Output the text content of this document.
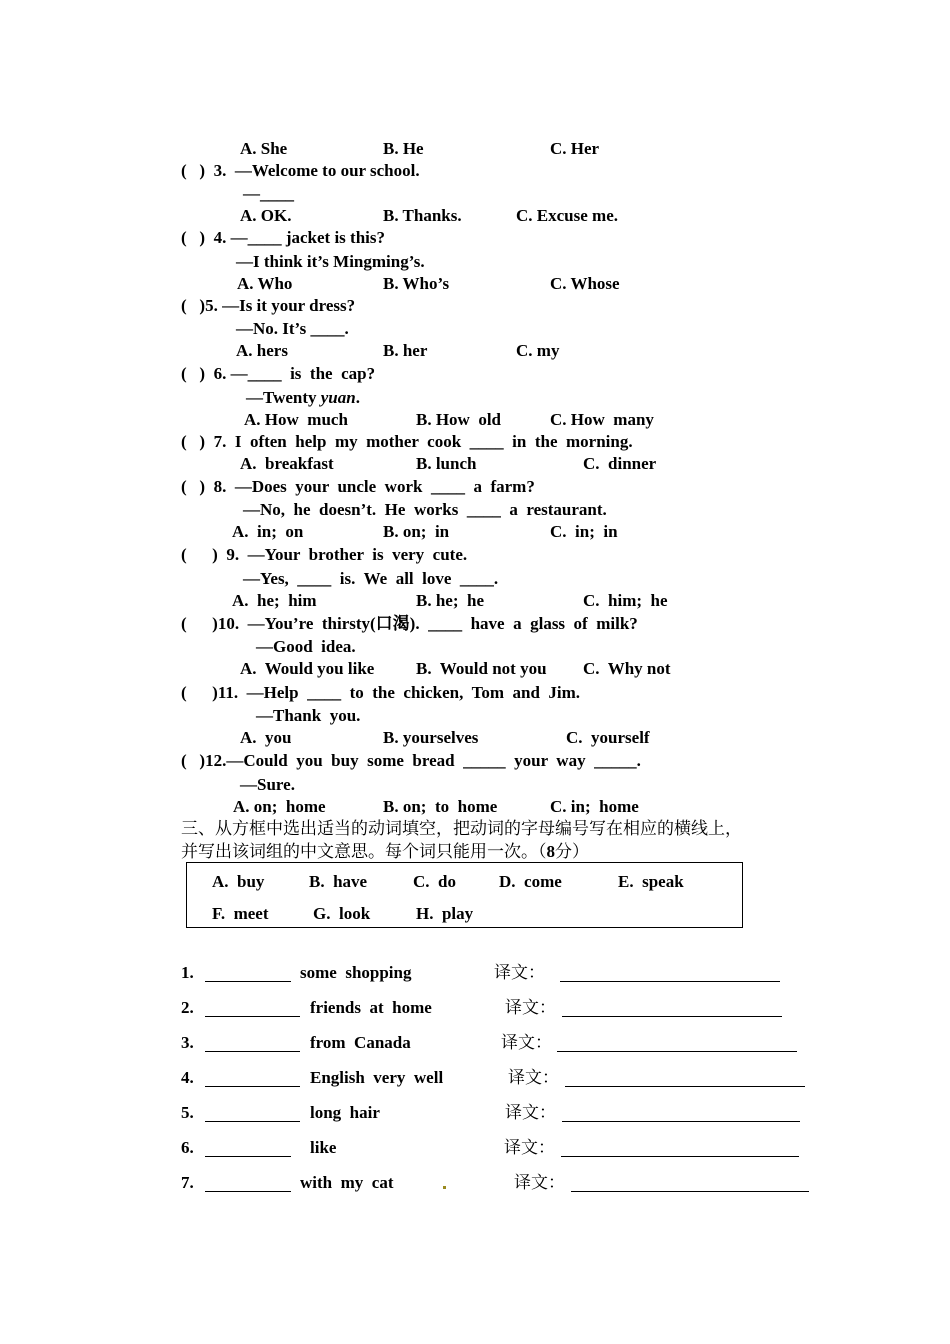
A. She	B. He	C. Her
(   )  3.  —Welcome to our school.
—____
A. OK.	B. Thanks.	C. Excuse me.
(   )  4. —____ jacket is this?
—I think it’s Mingming’s.
A. Who	B. Who’s	C. Whose
(   )5. —Is it your dress?
—No. It’s ____.
A. hers	B. her	C. my
(   )  6. —____  is  the  cap?
—Twenty yuan.
A. How  much	B. How  old	C. How  many
(   )  7.  I  often  help  my  mother  cook  ____  in  the  morning.
A.  breakfast	B. lunch	C.  dinner
(   )  8.  —Does  your  uncle  work  ____  a  farm?
—No,  he  doesn’t.  He  works  ____  a  restaurant.
A.  in;  on	B. on;  in	C.  in;  in
(      )  9.  —Your  brother  is  very  cute.
—Yes,  ____  is.  We  all  love  ____.
A.  he;  him	B. he;  he	C.  him;  he
(      )10.  —You’re  thirsty(口渴).  ____  have  a  glass  of  milk?
—Good  idea.
A.  Would you like B.  Would not you C.  Why not
(      )11.  —Help  ____  to  the  chicken,  Tom  and  Jim.
—Thank  you.
A.  you	B. yourselves	C.  yourself
(   )12.—Could  you  buy  some  bread  _____  your  way  _____.
—Sure.
A. on;  home	B. on;  to  home	C. in;  home
三、从方框中选出适当的动词填空，把动词的字母编号写在相应的横线上，
并写出该词组的中文意思。每个词只能用一次。（8分）
A.  buy	B.  have	C.  do	D.  come	E.  speak
F.  meet	G.  look	H.  play
1.	some  shopping	译文：
2.	friends  at  home	译文：
3.	from  Canada	译文：
4.	English  very  well	译文：
5.	long  hair	译文：
6.	like	译文：
7.	with  my  cat	译文：
